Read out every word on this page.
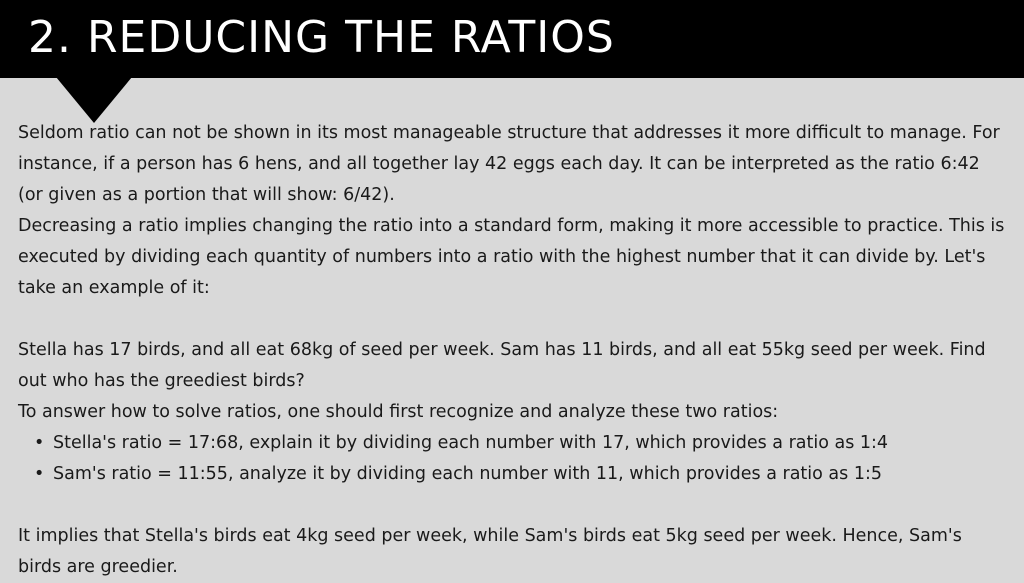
2. REDUCING THE RATIOS

Seldom ratio can not be shown in its most manageable structure that addresses it more difficult to manage. For instance, if a person has 6 hens, and all together lay 42 eggs each day. It can be interpreted as the ratio 6:42 (or given as a portion that will show: 6/42).

Decreasing a ratio implies changing the ratio into a standard form, making it more accessible to practice. This is executed by dividing each quantity of numbers into a ratio with the highest number that it can divide by. Let's take an example of it:

Stella has 17 birds, and all eat 68kg of seed per week. Sam has 11 birds, and all eat 55kg seed per week. Find out who has the greediest birds?

To answer how to solve ratios, one should first recognize and analyze these two ratios:

• Stella's ratio = 17:68, explain it by dividing each number with 17, which provides a ratio as 1:4
• Sam's ratio = 11:55, analyze it by dividing each number with 11, which provides a ratio as 1:5

It implies that Stella's birds eat 4kg seed per week, while Sam's birds eat 5kg seed per week. Hence, Sam's birds are greedier.
